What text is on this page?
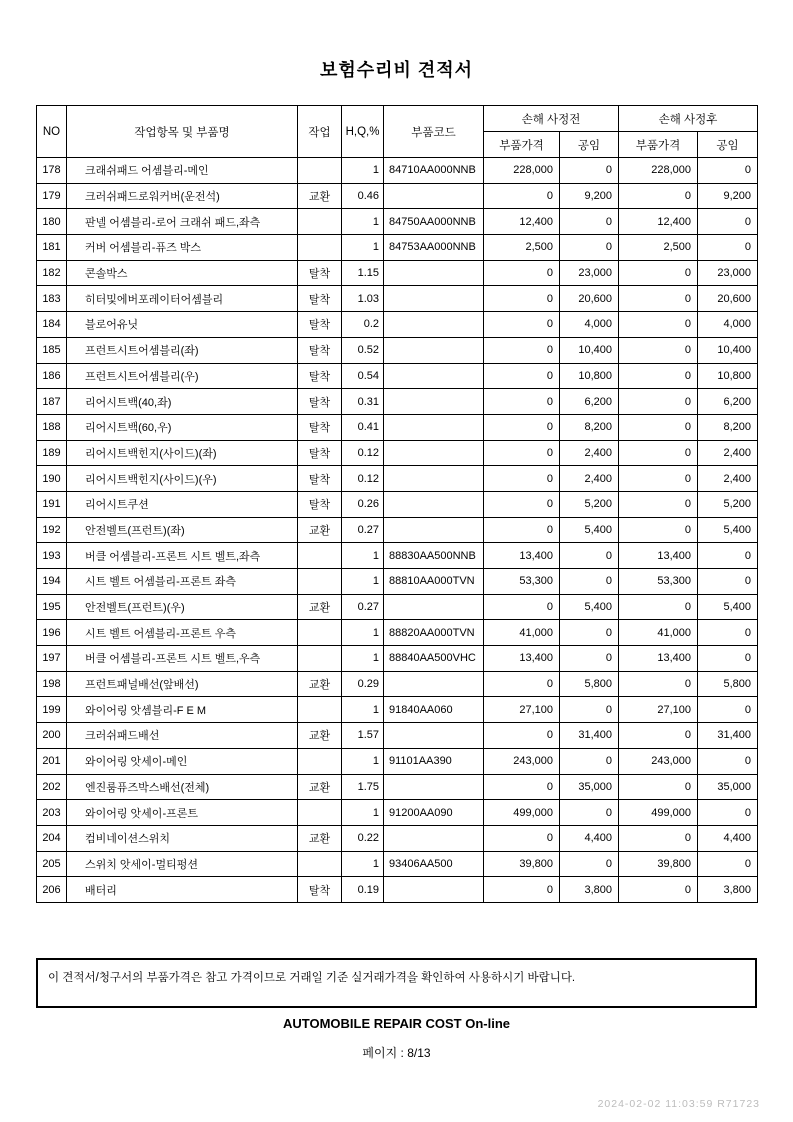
보험수리비 견적서
NO	작업항목 및 부품명	작업	H,Q,%	부품코드	손해 사정전		손해 사정후	
					부품가격	공임	부품가격	공임
178	크래쉬패드 어셈블리-메인		1	84710AA000NNB	228,000	0	228,000	0
179	크러쉬패드로워커버(운전석)	교환	0.46		0	9,200	0	9,200
180	판넬 어셈블리-로어 크래쉬 패드,좌측		1	84750AA000NNB	12,400	0	12,400	0
181	커버 어셈블리-퓨즈 박스		1	84753AA000NNB	2,500	0	2,500	0
182	콘솔박스	탈착	1.15		0	23,000	0	23,000
183	히터및에버포레이터어셈블리	탈착	1.03		0	20,600	0	20,600
184	블로어유닛	탈착	0.2		0	4,000	0	4,000
185	프런트시트어셈블리(좌)	탈착	0.52		0	10,400	0	10,400
186	프런트시트어셈블리(우)	탈착	0.54		0	10,800	0	10,800
187	리어시트백(40,좌)	탈착	0.31		0	6,200	0	6,200
188	리어시트백(60,우)	탈착	0.41		0	8,200	0	8,200
189	리어시트백힌지(사이드)(좌)	탈착	0.12		0	2,400	0	2,400
190	리어시트백힌지(사이드)(우)	탈착	0.12		0	2,400	0	2,400
191	리어시트쿠션	탈착	0.26		0	5,200	0	5,200
192	안전벨트(프런트)(좌)	교환	0.27		0	5,400	0	5,400
193	버클 어셈블리-프론트 시트 벨트,좌측		1	88830AA500NNB	13,400	0	13,400	0
194	시트 벨트 어셈블리-프론트 좌측		1	88810AA000TVN	53,300	0	53,300	0
195	안전벨트(프런트)(우)	교환	0.27		0	5,400	0	5,400
196	시트 벨트 어셈블리-프론트 우측		1	88820AA000TVN	41,000	0	41,000	0
197	버클 어셈블리-프론트 시트 벨트,우측		1	88840AA500VHC	13,400	0	13,400	0
198	프런트패널배선(앞배선)	교환	0.29		0	5,800	0	5,800
199	와이어링 앗셈블리-F E M		1	91840AA060	27,100	0	27,100	0
200	크러쉬패드배선	교환	1.57		0	31,400	0	31,400
201	와이어링 앗세이-메인		1	91101AA390	243,000	0	243,000	0
202	엔진룸퓨즈박스배선(전체)	교환	1.75		0	35,000	0	35,000
203	와이어링 앗세이-프론트		1	91200AA090	499,000	0	499,000	0
204	컴비네이션스위치	교환	0.22		0	4,400	0	4,400
205	스위치 앗세이-멀티펑션		1	93406AA500	39,800	0	39,800	0
206	배터리	탈착	0.19		0	3,800	0	3,800
이 견적서/청구서의 부품가격은 참고 가격이므로 거래일 기준 실거래가격을 확인하여 사용하시기 바랍니다.
AUTOMOBILE REPAIR COST On-line
페이지 : 8/13
2024-02-02 11:03:59 R71723
